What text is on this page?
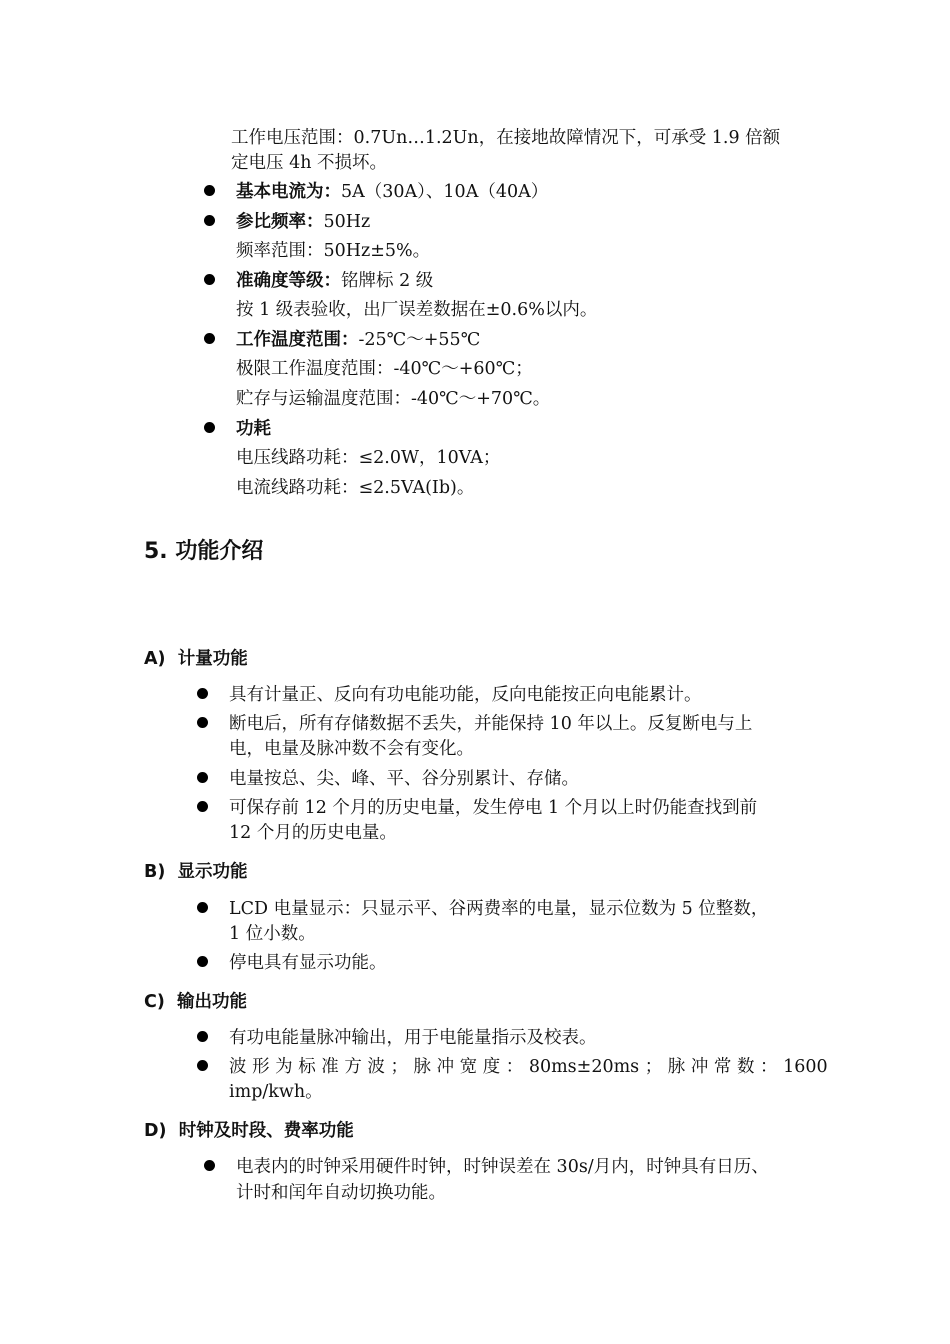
工作电压范围：0.7Un…1.2Un，在接地故障情况下，可承受 1.9 倍额
定电压 4h 不损坏。
基本电流为：5A（30A）、10A（40A）
参比频率：50Hz
频率范围：50Hz±5%。
准确度等级：铭牌标 2 级
按 1 级表验收，出厂误差数据在±0.6%以内。
工作温度范围：-25℃～+55℃
极限工作温度范围：-40℃～+60℃；
贮存与运输温度范围：-40℃～+70℃。
功耗
电压线路功耗：≤2.0W，10VA；
电流线路功耗：≤2.5VA(Ib)。
5. 功能介绍
A) 计量功能
具有计量正、反向有功电能功能，反向电能按正向电能累计。
断电后，所有存储数据不丢失，并能保持 10 年以上。反复断电与上
电，电量及脉冲数不会有变化。
电量按总、尖、峰、平、谷分别累计、存储。
可保存前 12 个月的历史电量，发生停电 1 个月以上时仍能查找到前
12 个月的历史电量。
B) 显示功能
LCD 电量显示：只显示平、谷两费率的电量，显示位数为 5 位整数，
1 位小数。
停电具有显示功能。
C) 输出功能
有功电能量脉冲输出，用于电能量指示及校表。
波 形 为 标 准 方 波 ； 脉 冲 宽 度 ： 80ms±20ms ； 脉 冲 常 数 ： 1600
imp/kwh。
D) 时钟及时段、费率功能
电表内的时钟采用硬件时钟，时钟误差在 30s/月内，时钟具有日历、
计时和闰年自动切换功能。
